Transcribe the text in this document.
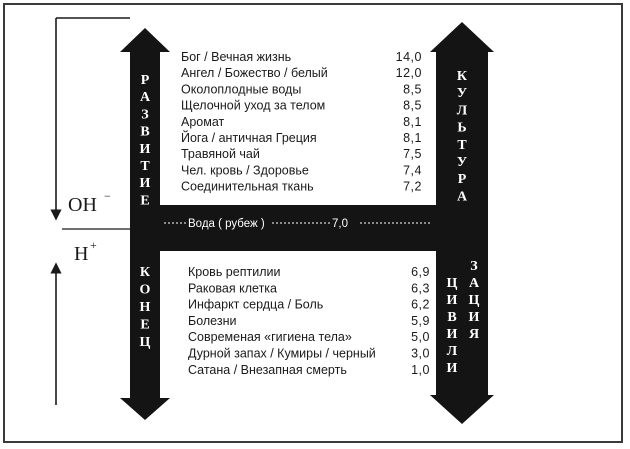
OH −
H +
Вода ( рубеж )	7,0
Р
А
З
В
И
Т
И
Е
К
О
Н
Е
Ц
К
У
Л
Ь
Т
У
Р
А
Ц
И
В
И
Л
И
З
А
Ц
И
Я
Бог / Вечная жизнь	14,0
Ангел / Божество / белый	12,0
Околоплодные воды	8,5
Щелочной уход за телом	8,5
Аромат	8,1
Йога / античная Греция	8,1
Травяной чай	7,5
Чел. кровь / Здоровье	7,4
Соединительная ткань	7,2
Кровь рептилии	6,9
Раковая клетка	6,3
Инфаркт сердца / Боль	6,2
Болезни	5,9
Современая «гигиена тела»	5,0
Дурной запах / Кумиры / черный	3,0
Сатана / Внезапная смерть	1,0
